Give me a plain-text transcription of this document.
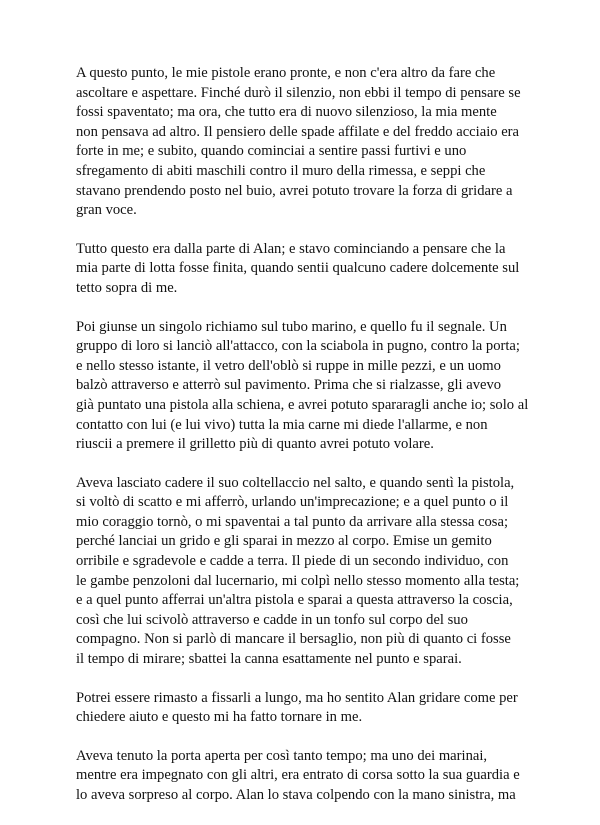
A questo punto, le mie pistole erano pronte, e non c'era altro da fare che
ascoltare e aspettare. Finché durò il silenzio, non ebbi il tempo di pensare se
fossi spaventato; ma ora, che tutto era di nuovo silenzioso, la mia mente
non pensava ad altro. Il pensiero delle spade affilate e del freddo acciaio era
forte in me; e subito, quando cominciai a sentire passi furtivi e uno
sfregamento di abiti maschili contro il muro della rimessa, e seppi che
stavano prendendo posto nel buio, avrei potuto trovare la forza di gridare a
gran voce.

Tutto questo era dalla parte di Alan; e stavo cominciando a pensare che la
mia parte di lotta fosse finita, quando sentii qualcuno cadere dolcemente sul
tetto sopra di me.

Poi giunse un singolo richiamo sul tubo marino, e quello fu il segnale. Un
gruppo di loro si lanciò all'attacco, con la sciabola in pugno, contro la porta;
e nello stesso istante, il vetro dell'oblò si ruppe in mille pezzi, e un uomo
balzò attraverso e atterrò sul pavimento. Prima che si rialzasse, gli avevo
già puntato una pistola alla schiena, e avrei potuto spararagli anche io; solo al
contatto con lui (e lui vivo) tutta la mia carne mi diede l'allarme, e non
riuscii a premere il grilletto più di quanto avrei potuto volare.

Aveva lasciato cadere il suo coltellaccio nel salto, e quando sentì la pistola,
si voltò di scatto e mi afferrò, urlando un'imprecazione; e a quel punto o il
mio coraggio tornò, o mi spaventai a tal punto da arrivare alla stessa cosa;
perché lanciai un grido e gli sparai in mezzo al corpo. Emise un gemito
orribile e sgradevole e cadde a terra. Il piede di un secondo individuo, con
le gambe penzoloni dal lucernario, mi colpì nello stesso momento alla testa;
e a quel punto afferrai un'altra pistola e sparai a questa attraverso la coscia,
così che lui scivolò attraverso e cadde in un tonfo sul corpo del suo
compagno. Non si parlò di mancare il bersaglio, non più di quanto ci fosse
il tempo di mirare; sbattei la canna esattamente nel punto e sparai.

Potrei essere rimasto a fissarli a lungo, ma ho sentito Alan gridare come per
chiedere aiuto e questo mi ha fatto tornare in me.

Aveva tenuto la porta aperta per così tanto tempo; ma uno dei marinai,
mentre era impegnato con gli altri, era entrato di corsa sotto la sua guardia e
lo aveva sorpreso al corpo. Alan lo stava colpendo con la mano sinistra, ma
